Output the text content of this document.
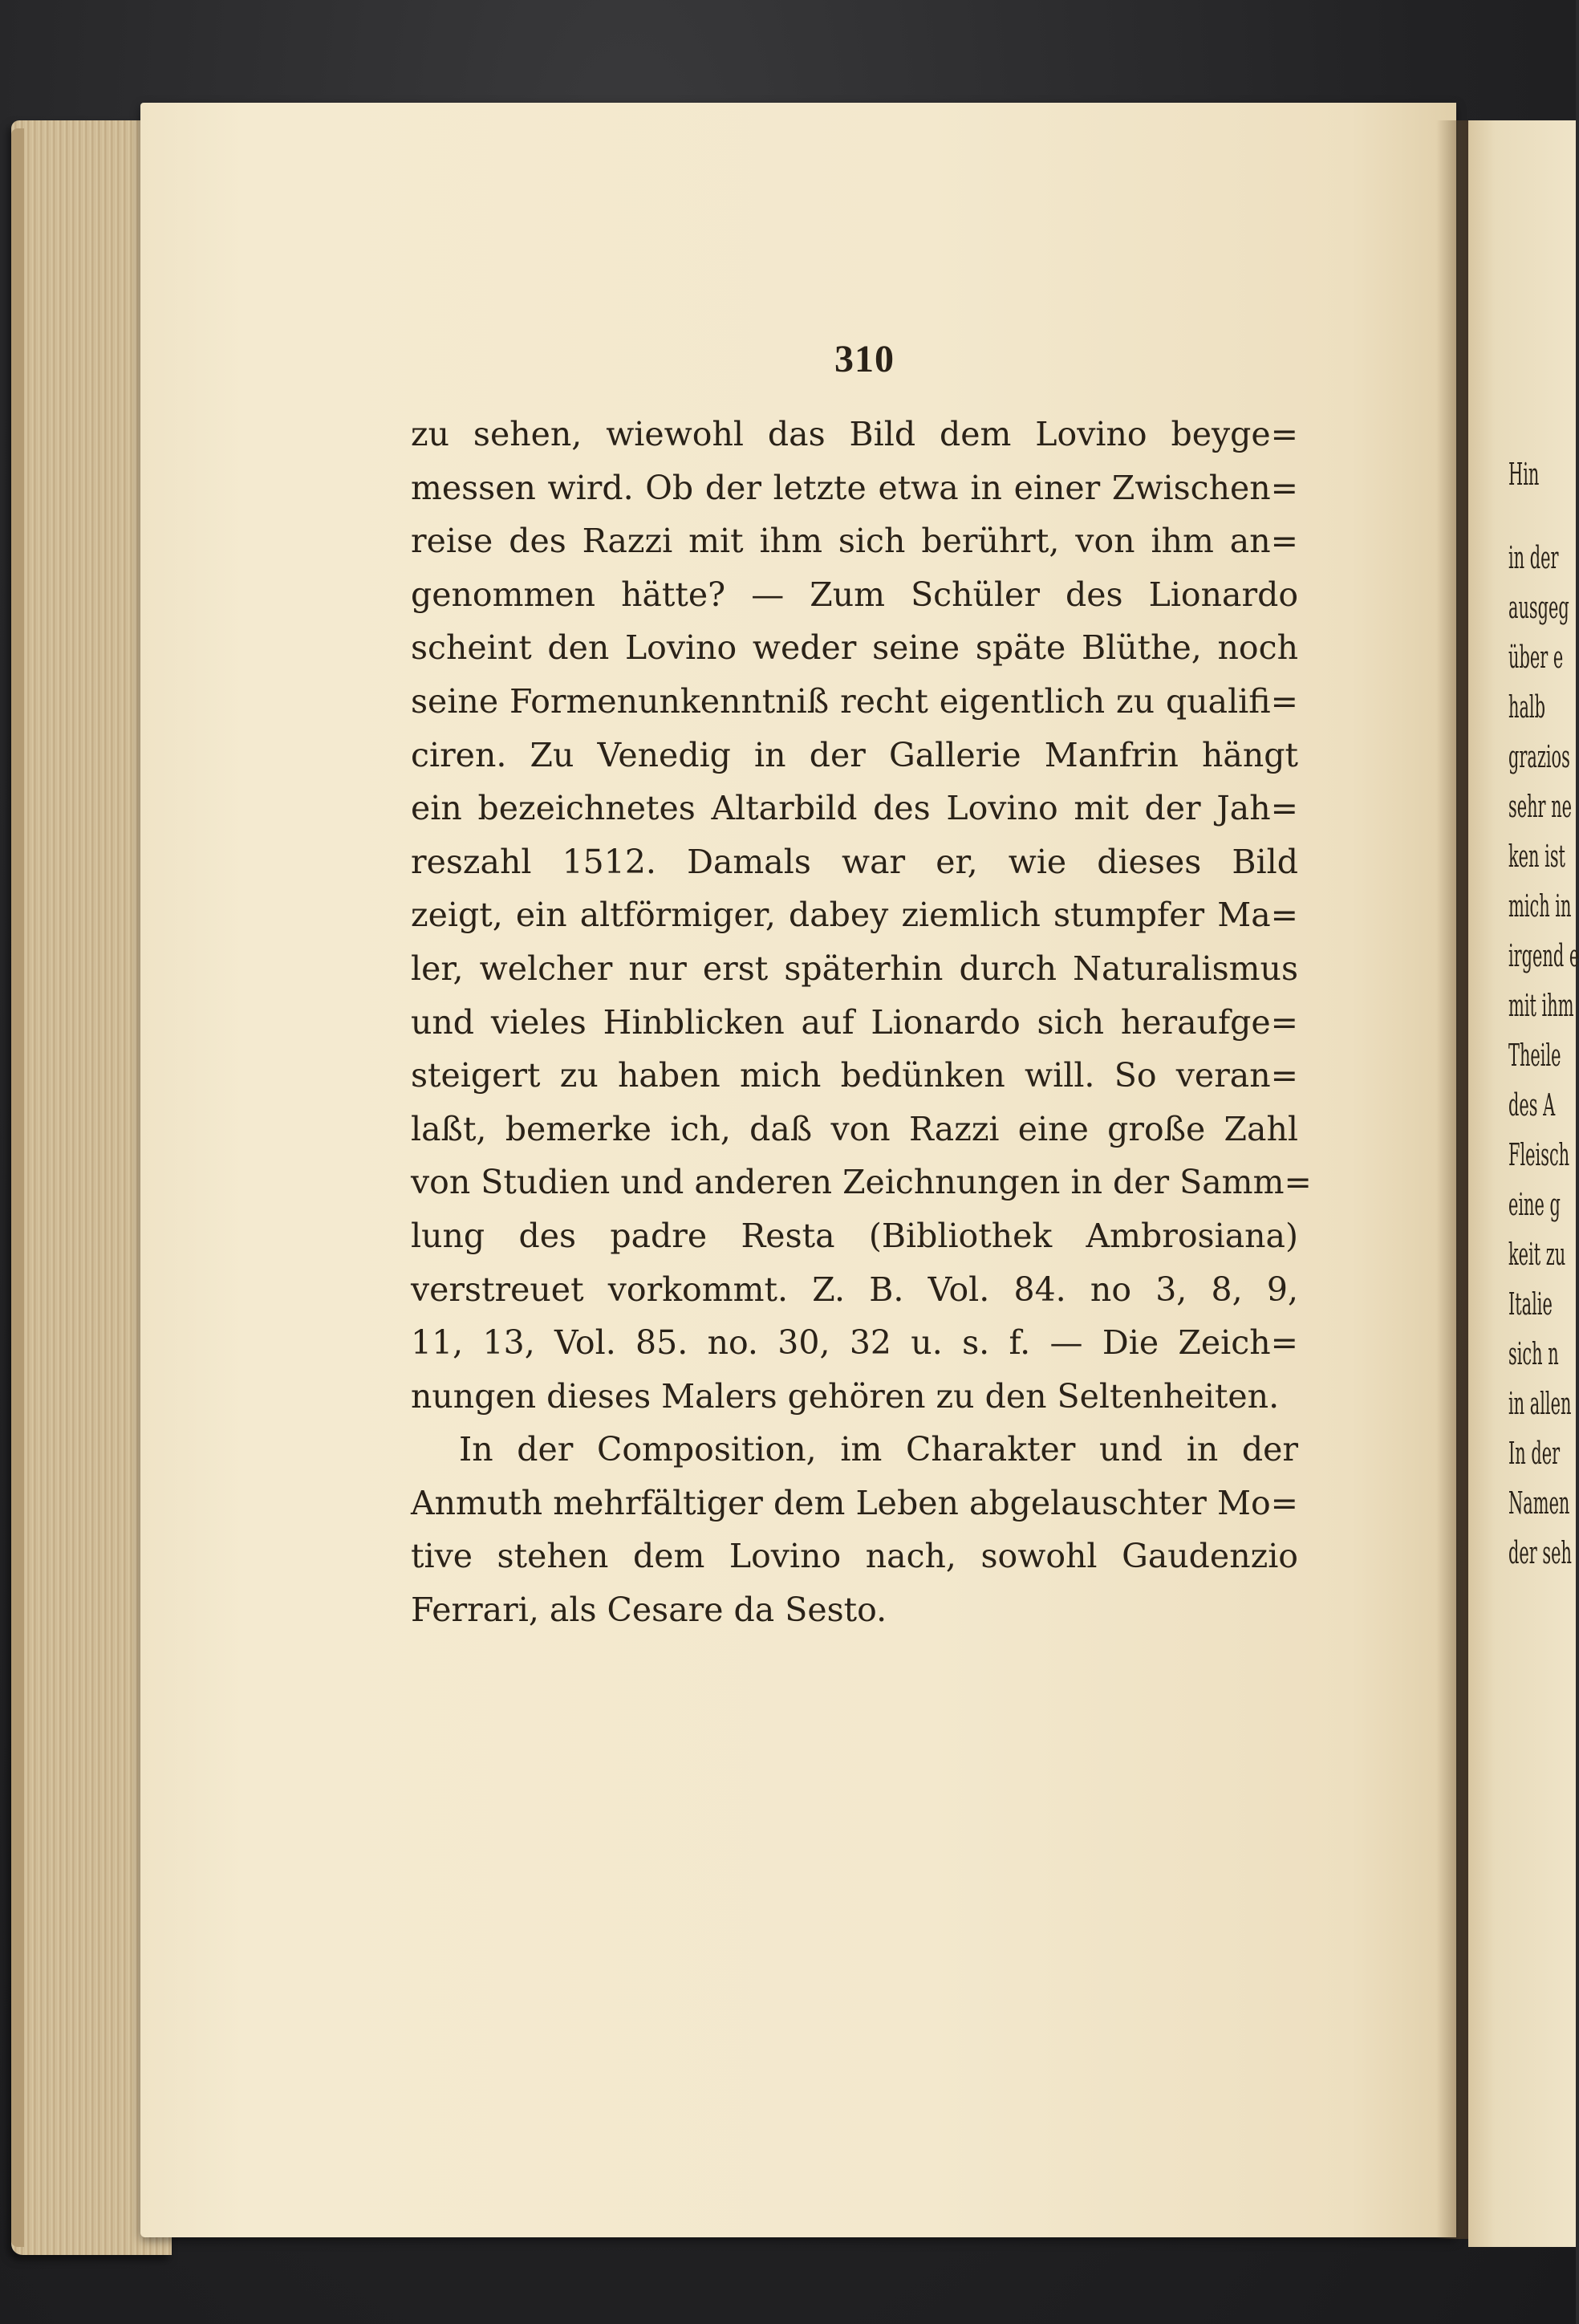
310
zu sehen, wiewohl das Bild dem Lovino beyge=
messen wird. Ob der letzte etwa in einer Zwischen=
reise des Razzi mit ihm sich berührt, von ihm an=
genommen hätte? — Zum Schüler des Lionardo
scheint den Lovino weder seine späte Blüthe, noch
seine Formenunkenntniß recht eigentlich zu qualifi=
ciren. Zu Venedig in der Gallerie Manfrin hängt
ein bezeichnetes Altarbild des Lovino mit der Jah=
reszahl 1512. Damals war er, wie dieses Bild
zeigt, ein altförmiger, dabey ziemlich stumpfer Ma=
ler, welcher nur erst späterhin durch Naturalismus
und vieles Hinblicken auf Lionardo sich heraufge=
steigert zu haben mich bedünken will. So veran=
laßt, bemerke ich, daß von Razzi eine große Zahl
von Studien und anderen Zeichnungen in der Samm=
lung des padre Resta (Bibliothek Ambrosiana)
verstreuet vorkommt. Z. B. Vol. 84. no 3, 8, 9,
11, 13, Vol. 85. no. 30, 32 u. s. f. — Die Zeich=
nungen dieses Malers gehören zu den Seltenheiten.
In der Composition, im Charakter und in der
Anmuth mehrfältiger dem Leben abgelauschter Mo=
tive stehen dem Lovino nach, sowohl Gaudenzio
Ferrari, als Cesare da Sesto.
Hin
in der
ausgeg
über e
halb
grazios
sehr ne
ken ist
mich in
irgend e
mit ihm
Theile
des A
Fleisch
eine g
keit zu
Italie
sich n
in allen
In der
Namen
der seh
